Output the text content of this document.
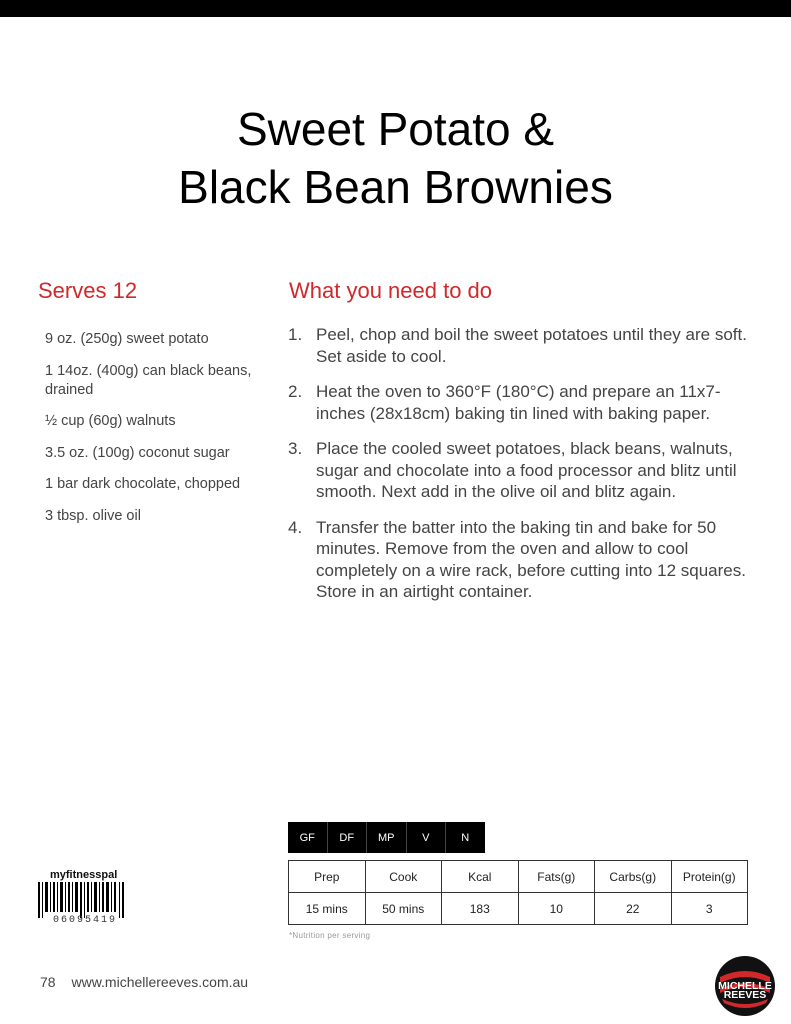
Sweet Potato &
Black Bean Brownies
Serves 12
9 oz. (250g) sweet potato
1 14oz. (400g) can black beans, drained
½ cup (60g) walnuts
3.5 oz. (100g) coconut sugar
1 bar dark chocolate, chopped
3 tbsp. olive oil
What you need to do
1. Peel, chop and boil the sweet potatoes until they are soft. Set aside to cool.
2. Heat the oven to 360°F (180°C) and prepare an 11x7-inches (28x18cm) baking tin lined with baking paper.
3. Place the cooled sweet potatoes, black beans, walnuts, sugar and chocolate into a food processor and blitz until smooth. Next add in the olive oil and blitz again.
4. Transfer the batter into the baking tin and bake for 50 minutes. Remove from the oven and allow to cool completely on a wire rack, before cutting into 12 squares. Store in an airtight container.
GF	DF	MP	V	N
Prep	Cook	Kcal	Fats(g)	Carbs(g)	Protein(g)
15 mins	50 mins	183	10	22	3
*Nutrition per serving
myfitnesspal
06095419
78 www.michellereeves.com.au	MICHELLE
REEVES
